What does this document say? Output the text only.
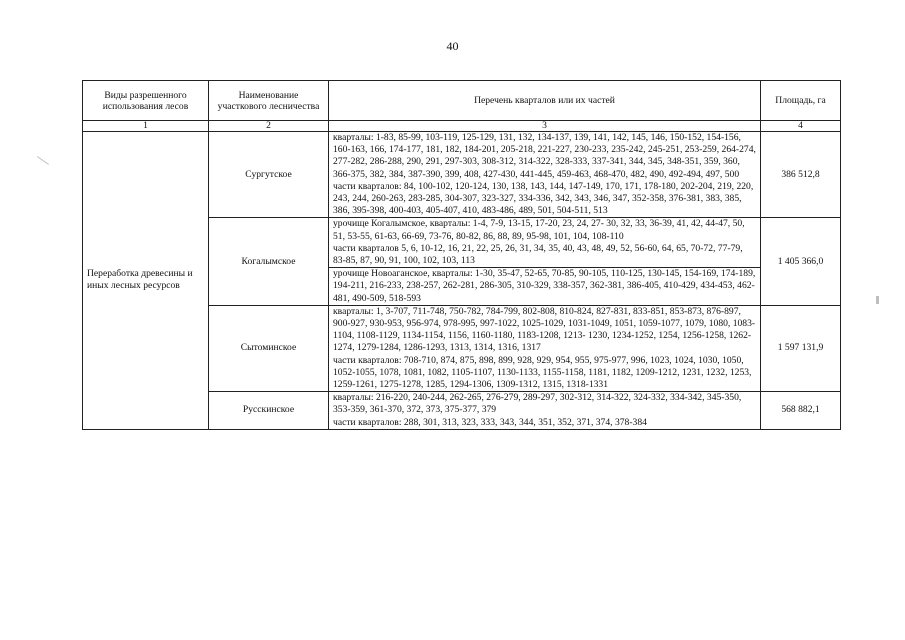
40
Виды разрешенного использования лесов	Наименование участкового лесничества	Перечень кварталов или их частей	Площадь, га
1	2	3	4
Переработка древесины и иных лесных ресурсов	Сургутское	кварталы: 1-83, 85-99, 103-119, 125-129, 131, 132, 134-137, 139, 141, 142, 145, 146, 150-152, 154-156, 160-163, 166, 174-177, 181, 182, 184-201, 205-218, 221-227, 230-233, 235-242, 245-251, 253-259, 264-274, 277-282, 286-288, 290, 291, 297-303, 308-312, 314-322, 328-333, 337-341, 344, 345, 348-351, 359, 360, 366-375, 382, 384, 387-390, 399, 408, 427-430, 441-445, 459-463, 468-470, 482, 490, 492-494, 497, 500
части кварталов: 84, 100-102, 120-124, 130, 138, 143, 144, 147-149, 170, 171, 178-180, 202-204, 219, 220, 243, 244, 260-263, 283-285, 304-307, 323-327, 334-336, 342, 343, 346, 347, 352-358, 376-381, 383, 385, 386, 395-398, 400-403, 405-407, 410, 483-486, 489, 501, 504-511, 513	386 512,8
	Когалымское	урочище Когалымское, кварталы: 1-4, 7-9, 13-15, 17-20, 23, 24, 27- 30, 32, 33, 36-39, 41, 42, 44-47, 50, 51, 53-55, 61-63, 66-69, 73-76, 80-82, 86, 88, 89, 95-98, 101, 104, 108-110
части кварталов 5, 6, 10-12, 16, 21, 22, 25, 26, 31, 34, 35, 40, 43, 48, 49, 52, 56-60, 64, 65, 70-72, 77-79, 83-85, 87, 90, 91, 100, 102, 103, 113	1 405 366,0

		урочище Новоаганское, кварталы: 1-30, 35-47, 52-65, 70-85, 90-105, 110-125, 130-145, 154-169, 174-189, 194-211, 216-233, 238-257, 262-281, 286-305, 310-329, 338-357, 362-381, 386-405, 410-429, 434-453, 462-481, 490-509, 518-593	

	Сытоминское	кварталы: 1, 3-707, 711-748, 750-782, 784-799, 802-808, 810-824, 827-831, 833-851, 853-873, 876-897, 900-927, 930-953, 956-974, 978-995, 997-1022, 1025-1029, 1031-1049, 1051, 1059-1077, 1079, 1080, 1083-1104, 1108-1129, 1134-1154, 1156, 1160-1180, 1183-1208, 1213- 1230, 1234-1252, 1254, 1256-1258, 1262-1274, 1279-1284, 1286-1293, 1313, 1314, 1316, 1317
части кварталов: 708-710, 874, 875, 898, 899, 928, 929, 954, 955, 975-977, 996, 1023, 1024, 1030, 1050, 1052-1055, 1078, 1081, 1082, 1105-1107, 1130-1133, 1155-1158, 1181, 1182, 1209-1212, 1231, 1232, 1253, 1259-1261, 1275-1278, 1285, 1294-1306, 1309-1312, 1315, 1318-1331	1 597 131,9
	Русскинское	кварталы: 216-220, 240-244, 262-265, 276-279, 289-297, 302-312, 314-322, 324-332, 334-342, 345-350, 353-359, 361-370, 372, 373, 375-377, 379
части кварталов: 288, 301, 313, 323, 333, 343, 344, 351, 352, 371, 374, 378-384	568 882,1
